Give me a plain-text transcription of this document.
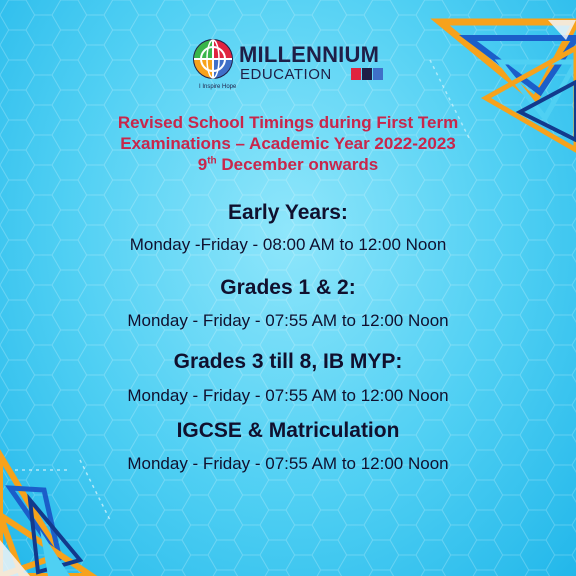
MILLENNIUM
EDUCATION
I Inspire Hope
Revised School Timings during First Term
Examinations – Academic Year 2022-2023
9th December onwards
Early Years:
Monday -Friday - 08:00 AM to 12:00 Noon
Grades 1 & 2:
Monday - Friday - 07:55 AM to 12:00 Noon
Grades 3 till 8, IB MYP:
Monday - Friday - 07:55 AM to 12:00 Noon
IGCSE & Matriculation
Monday - Friday - 07:55 AM to 12:00 Noon
